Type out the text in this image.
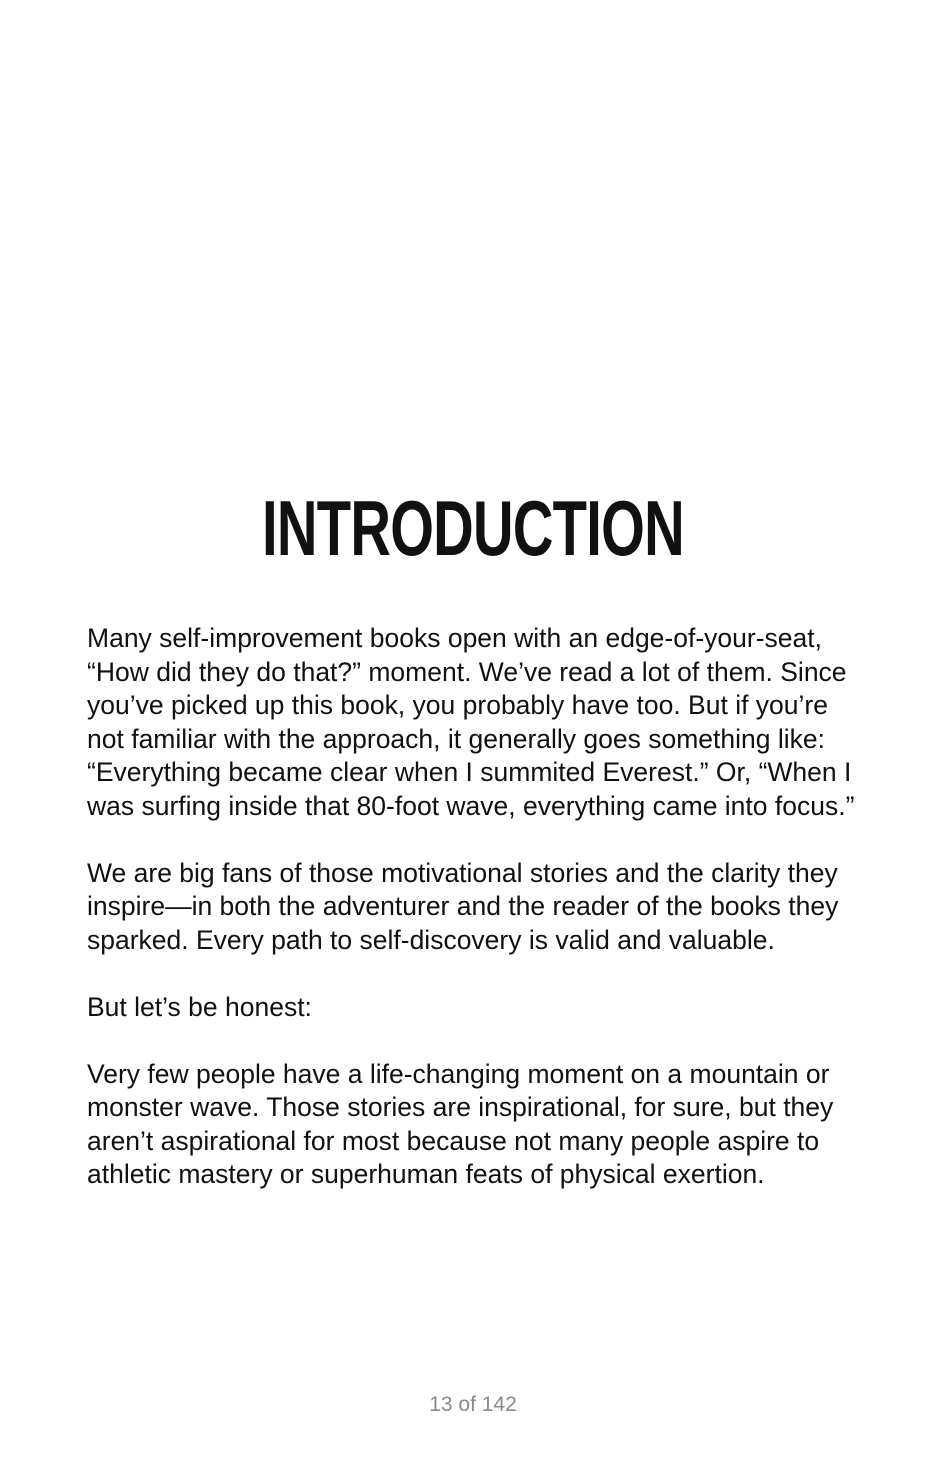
INTRODUCTION

Many self-improvement books open with an edge-of-your-seat, “How did they do that?” moment. We’ve read a lot of them. Since you’ve picked up this book, you probably have too. But if you’re not familiar with the approach, it generally goes something like: “Everything became clear when I summited Everest.” Or, “When I was surfing inside that 80-foot wave, everything came into focus.”

We are big fans of those motivational stories and the clarity they inspire—in both the adventurer and the reader of the books they sparked. Every path to self-discovery is valid and valuable.

But let’s be honest:

Very few people have a life-changing moment on a mountain or monster wave. Those stories are inspirational, for sure, but they aren’t aspirational for most because not many people aspire to athletic mastery or superhuman feats of physical exertion.

13 of 142
